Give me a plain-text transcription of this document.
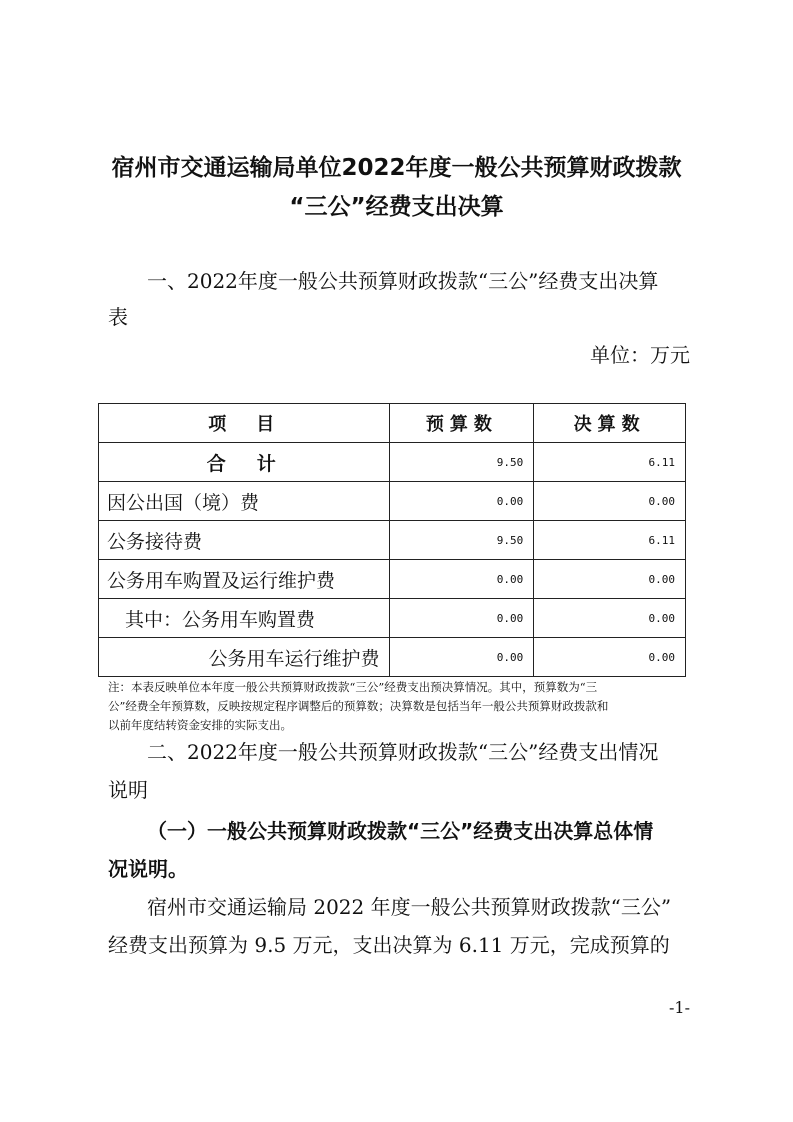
宿州市交通运输局单位2022年度一般公共预算财政拨款
“三公”经费支出决算
一、2022年度一般公共预算财政拨款“三公”经费支出决算
表
单位：万元
项　目	预算数	决算数
合　计	9.50	6.11
因公出国（境）费	0.00	0.00
公务接待费	9.50	6.11
公务用车购置及运行维护费	0.00	0.00
其中：公务用车购置费	0.00	0.00
公务用车运行维护费	0.00	0.00
注：本表反映单位本年度一般公共预算财政拨款“三公”经费支出预决算情况。其中，预算数为“三
公”经费全年预算数，反映按规定程序调整后的预算数；决算数是包括当年一般公共预算财政拨款和
以前年度结转资金安排的实际支出。
二、2022年度一般公共预算财政拨款“三公”经费支出情况
说明
（一）一般公共预算财政拨款“三公”经费支出决算总体情
况说明。
宿州市交通运输局 2022 年度一般公共预算财政拨款“三公”
经费支出预算为 9.5 万元，支出决算为 6.11 万元，完成预算的
-1-
